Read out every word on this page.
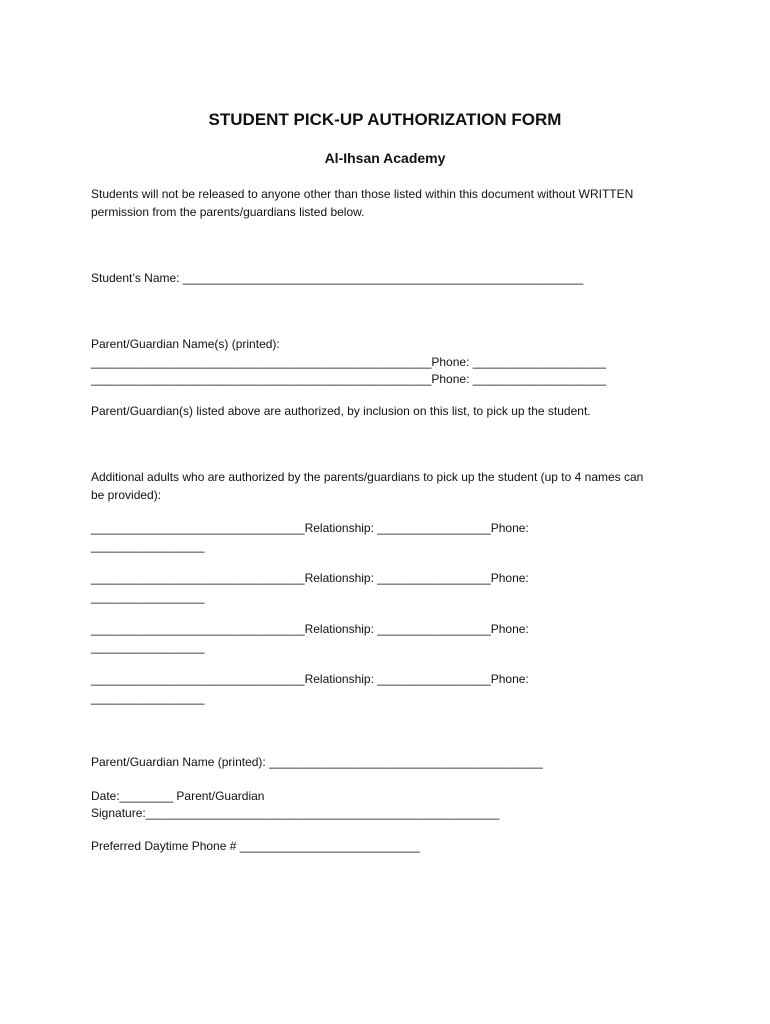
STUDENT PICK-UP AUTHORIZATION FORM
Al-Ihsan Academy

Students will not be released to anyone other than those listed within this document without WRITTEN

permission from the parents/guardians listed below.

Student’s Name: ____________________________________________________________

Parent/Guardian Name(s) (printed):

___________________________________________________Phone: ____________________

___________________________________________________Phone: ____________________

Parent/Guardian(s) listed above are authorized, by inclusion on this list, to pick up the student.

Additional adults who are authorized by the parents/guardians to pick up the student (up to 4 names can

be provided):

________________________________Relationship: _________________Phone:

_________________

________________________________Relationship: _________________Phone:

_________________

________________________________Relationship: _________________Phone:

_________________

________________________________Relationship: _________________Phone:

_________________

Parent/Guardian Name (printed): _________________________________________

Date:________ Parent/Guardian

Signature:_____________________________________________________

Preferred Daytime Phone # ___________________________
